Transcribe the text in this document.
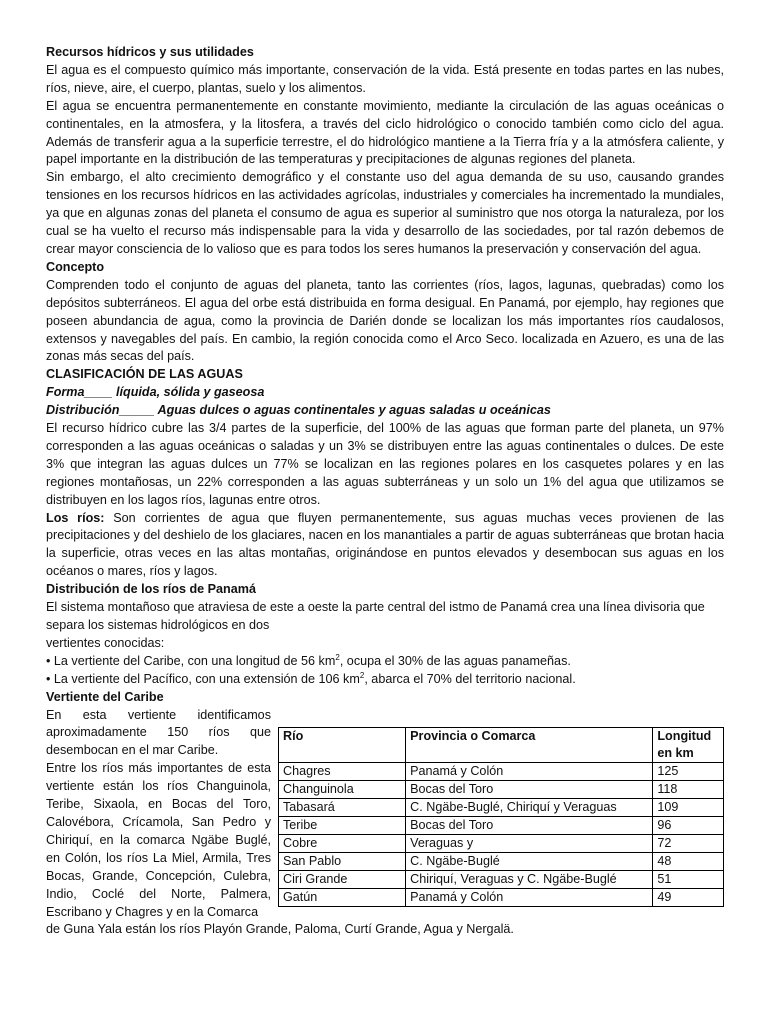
Recursos hídricos y sus utilidades

El agua es el compuesto químico más importante, conservación de la vida. Está presente en todas partes en las nubes, ríos, nieve, aire, el cuerpo, plantas, suelo y los alimentos.

El agua se encuentra permanentemente en constante movimiento, mediante la circulación de las aguas oceánicas o continentales, en la atmosfera, y la litosfera, a través del ciclo hidrológico o conocido también como ciclo del agua. Además de transferir agua a la superficie terrestre, el do hidrológico mantiene a la Tierra fría y a la atmósfera caliente, y papel importante en la distribución de las temperaturas y precipitaciones de algunas regiones del planeta.

Sin embargo, el alto crecimiento demográfico y el constante uso del agua demanda de su uso, causando grandes tensiones en los recursos hídricos en las actividades agrícolas, industriales y comerciales ha incrementado la mundiales, ya que en algunas zonas del planeta el consumo de agua es superior al suministro que nos otorga la naturaleza, por los cual se ha vuelto el recurso más indispensable para la vida y desarrollo de las sociedades, por tal razón debemos de crear mayor consciencia de lo valioso que es para todos los seres humanos la preservación y conservación del agua.

Concepto

Comprenden todo el conjunto de aguas del planeta, tanto las corrientes (ríos, lagos, lagunas, quebradas) como los depósitos subterráneos. El agua del orbe está distribuida en forma desigual. En Panamá, por ejemplo, hay regiones que poseen abundancia de agua, como la provincia de Darién donde se localizan los más importantes ríos caudalosos, extensos y navegables del país. En cambio, la región conocida como el Arco Seco. localizada en Azuero, es una de las zonas más secas del país.

CLASIFICACIÓN DE LAS AGUAS

Forma____ líquida, sólida y gaseosa

Distribución_____ Aguas dulces o aguas continentales y aguas saladas u oceánicas

El recurso hídrico cubre las 3/4 partes de la superficie, del 100% de las aguas que forman parte del planeta, un 97% corresponden a las aguas oceánicas o saladas y un 3% se distribuyen entre las aguas continentales o dulces. De este 3% que integran las aguas dulces un 77% se localizan en las regiones polares en los casquetes polares y en las regiones montañosas, un 22% corresponden a las aguas subterráneas y un solo un 1% del agua que utilizamos se distribuyen en los lagos ríos, lagunas entre otros.

Los ríos: Son corrientes de agua que fluyen permanentemente, sus aguas muchas veces provienen de las precipitaciones y del deshielo de los glaciares, nacen en los manantiales a partir de aguas subterráneas que brotan hacia la superficie, otras veces en las altas montañas, originándose en puntos elevados y desembocan sus aguas en los océanos o mares, ríos y lagos.

Distribución de los ríos de Panamá

El sistema montañoso que atraviesa de este a oeste la parte central del istmo de Panamá crea una línea divisoria que separa los sistemas hidrológicos en dos

vertientes conocidas:

• La vertiente del Caribe, con una longitud de 56 $km^2$, ocupa el 30% de las aguas panameñas.

• La vertiente del Pacífico, con una extensión de 106 $km^2$, abarca el 70% del territorio nacional.

Vertiente del Caribe

Río	Provincia o Comarca	Longitud en km
Chagres	Panamá y Colón	125
Changuinola	Bocas del Toro	118
Tabasará	C. Ngäbe-Buglé, Chiriquí y Veraguas	109
Teribe	Bocas del Toro	96
Cobre	Veraguas y	72
San Pablo	C. Ngäbe-Buglé	48
Ciri Grande	Chiriquí, Veraguas y C. Ngäbe-Buglé	51
Gatún	Panamá y Colón	49

En esta vertiente identificamos aproximadamente 150 ríos que desembocan en el mar Caribe.

Entre los ríos más importantes de esta vertiente están los ríos Changuinola, Teribe, Sixaola, en Bocas del Toro, Calovébora, Crícamola, San Pedro y Chiriquí, en la comarca Ngäbe Buglé, en Colón, los ríos La Miel, Armila, Tres Bocas, Grande, Concepción, Culebra, Indio, Coclé del Norte, Palmera, Escribano y Chagres y en la Comarca

de Guna Yala están los ríos Playón Grande, Paloma, Curtí Grande, Agua y Nergalä.
